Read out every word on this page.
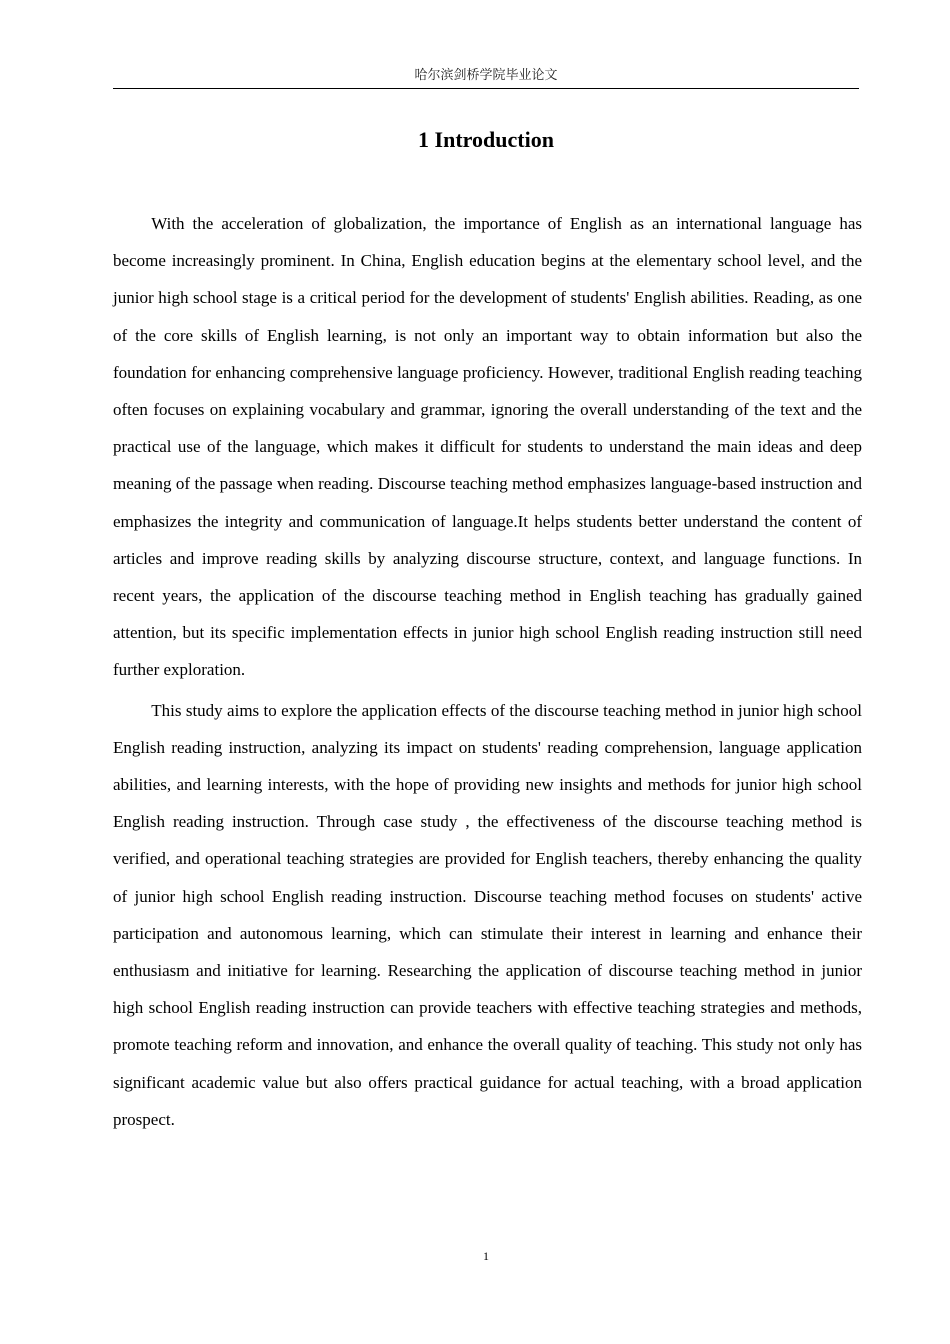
哈尔滨剑桥学院毕业论文
1 Introduction

With the acceleration of globalization, the importance of English as an international language has become increasingly prominent. In China, English education begins at the elementary school level, and the junior high school stage is a critical period for the development of students' English abilities. Reading, as one of the core skills of English learning, is not only an important way to obtain information but also the foundation for enhancing comprehensive language proficiency. However, traditional English reading teaching often focuses on explaining vocabulary and grammar, ignoring the overall understanding of the text and the practical use of the language, which makes it difficult for students to understand the main ideas and deep meaning of the passage when reading. Discourse teaching method emphasizes language-based instruction and emphasizes the integrity and communication of language.It helps students better understand the content of articles and improve reading skills by analyzing discourse structure, context, and language functions. In recent years, the application of the discourse teaching method in English teaching has gradually gained attention, but its specific implementation effects in junior high school English reading instruction still need further exploration.

This study aims to explore the application effects of the discourse teaching method in junior high school English reading instruction, analyzing its impact on students' reading comprehension, language application abilities, and learning interests, with the hope of providing new insights and methods for junior high school English reading instruction. Through case study , the effectiveness of the discourse teaching method is verified, and operational teaching strategies are provided for English teachers, thereby enhancing the quality of junior high school English reading instruction. Discourse teaching method focuses on students' active participation and autonomous learning, which can stimulate their interest in learning and enhance their enthusiasm and initiative for learning. Researching the application of discourse teaching method in junior high school English reading instruction can provide teachers with effective teaching strategies and methods, promote teaching reform and innovation, and enhance the overall quality of teaching. This study not only has significant academic value but also offers practical guidance for actual teaching, with a broad application prospect.

1
